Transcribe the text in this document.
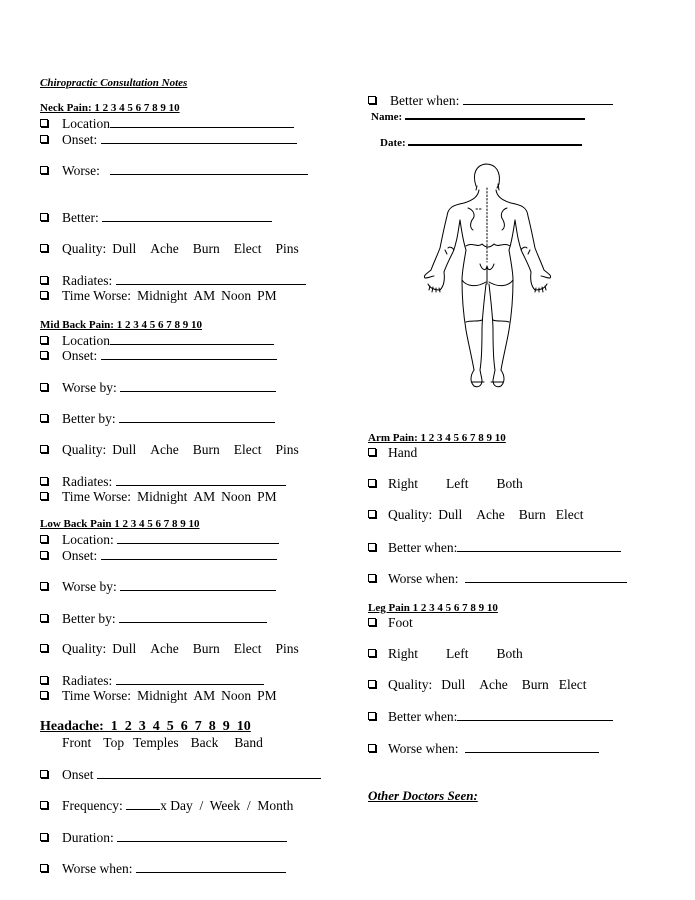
Chiropractic Consultation Notes
Neck Pain: 1 2 3 4 5 6 7 8 9 10
Location
Onset:
Worse:
Better:
Quality: Dull Ache Burn Elect Pins
Radiates:
Time Worse: Midnight AM Noon PM
Mid Back Pain: 1 2 3 4 5 6 7 8 9 10
Location
Onset:
Worse by:
Better by:
Quality: Dull Ache Burn Elect Pins
Radiates:
Time Worse: Midnight AM Noon PM
Low Back Pain 1 2 3 4 5 6 7 8 9 10
Location:
Onset:
Worse by:
Better by:
Quality: Dull Ache Burn Elect Pins
Radiates:
Time Worse: Midnight AM Noon PM
Headache:  1  2  3  4  5  6  7  8  9  10
Front Top Temples Back Band
Onset
Frequency:	x Day  /  Week  /  Month
Duration:
Worse when:
Better when:
Name:
Date:
Arm Pain: 1 2 3 4 5 6 7 8 9 10
Hand
Right Left Both
Quality: Dull Ache Burn Elect
Better when:
Worse when:
Leg Pain 1 2 3 4 5 6 7 8 9 10
Foot
Right Left Both
Quality: Dull Ache Burn Elect
Better when:
Worse when:
Other Doctors Seen:
